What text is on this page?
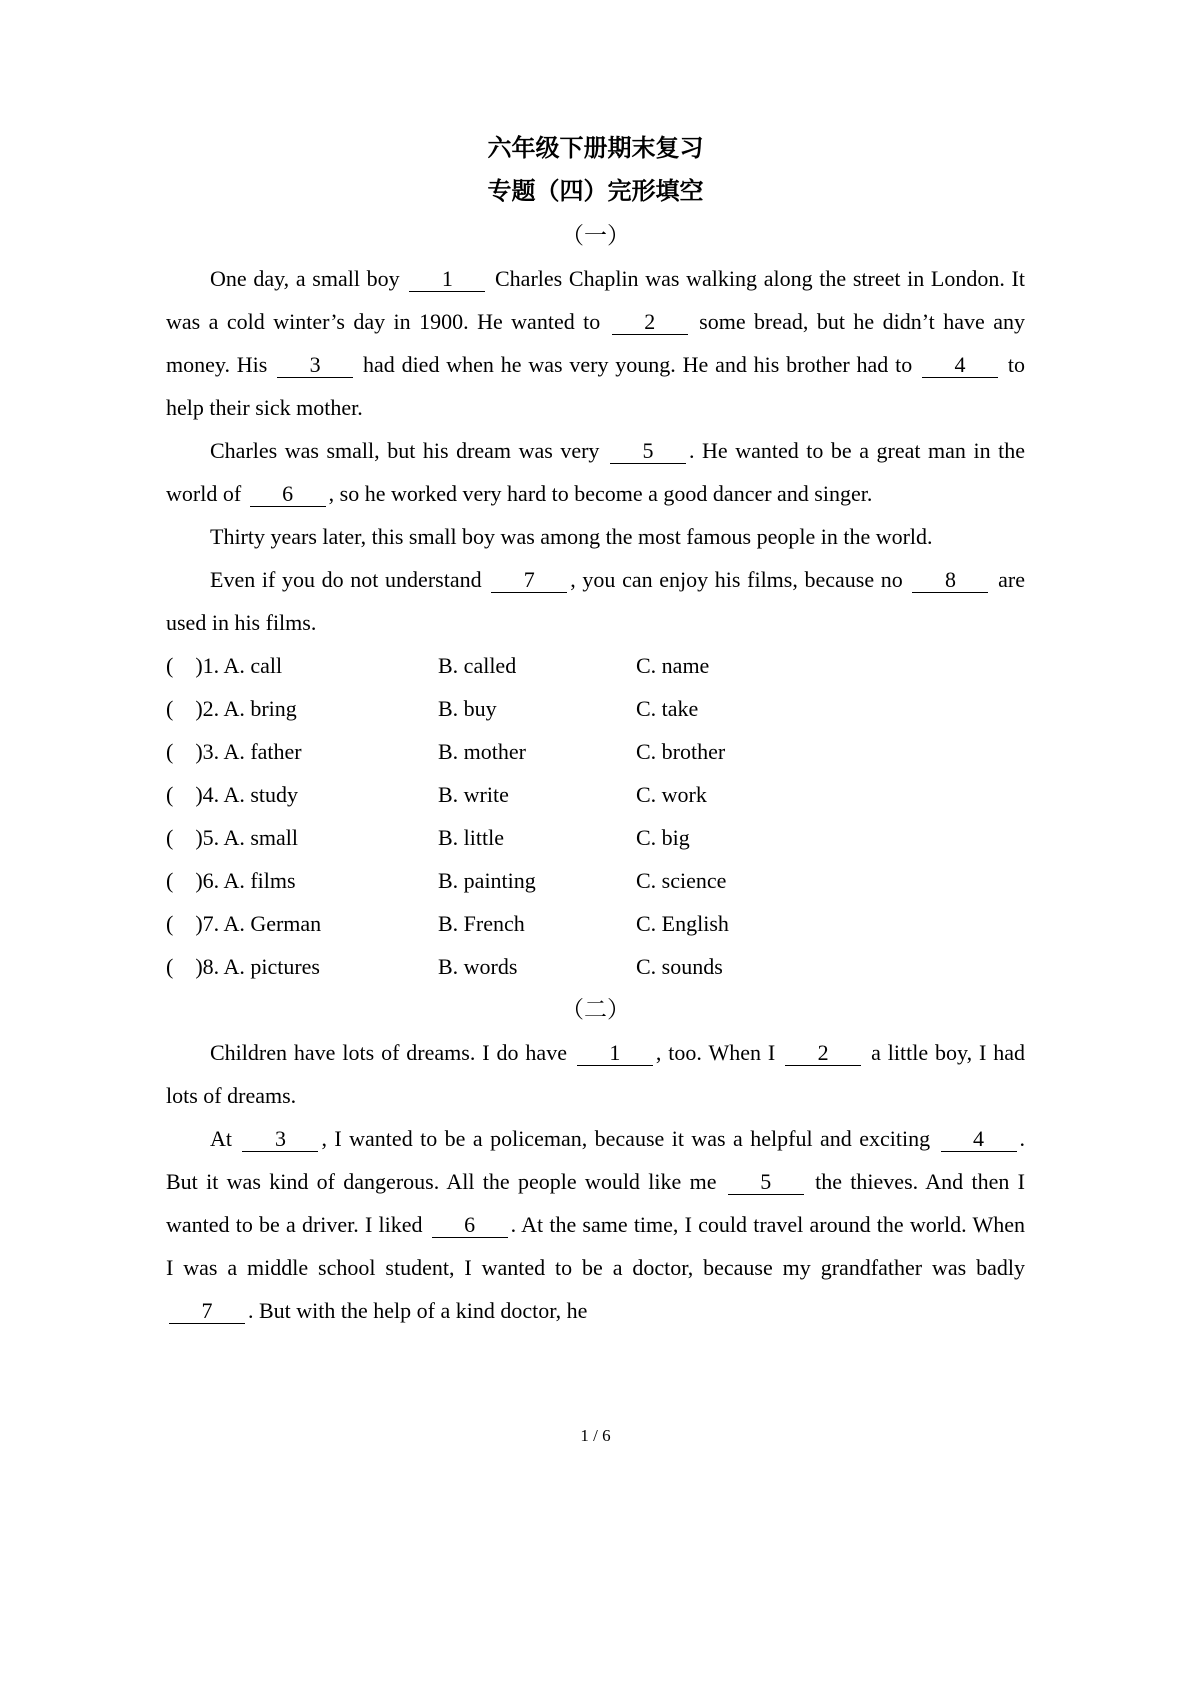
六年级下册期末复习
专题（四）完形填空
（一）

One day, a small boy 1 Charles Chaplin was walking along the street in London. It was a cold winter’s day in 1900. He wanted to 2 some bread, but he didn’t have any money. His 3 had died when he was very young. He and his brother had to 4 to help their sick mother.

Charles was small, but his dream was very 5 . He wanted to be a great man in the world of 6 , so he worked very hard to become a good dancer and singer.

Thirty years later, this small boy was among the most famous people in the world.

Even if you do not understand 7 , you can enjoy his films, because no 8 are used in his films.

(　)1. A. call	B. called	C. name
(　)2. A. bring	B. buy	C. take
(　)3. A. father	B. mother	C. brother
(　)4. A. study	B. write	C. work
(　)5. A. small	B. little	C. big
(　)6. A. films	B. painting	C. science
(　)7. A. German	B. French	C. English
(　)8. A. pictures	B. words	C. sounds
（二）

Children have lots of dreams. I do have 1 , too. When I 2 a little boy, I had lots of dreams.

At 3 , I wanted to be a policeman, because it was a helpful and exciting 4 . But it was kind of dangerous. All the people would like me 5 the thieves. And then I wanted to be a driver. I liked 6 . At the same time, I could travel around the world. When I was a middle school student, I wanted to be a doctor, because my grandfather was badly 7 . But with the help of a kind doctor, he

1 / 6
